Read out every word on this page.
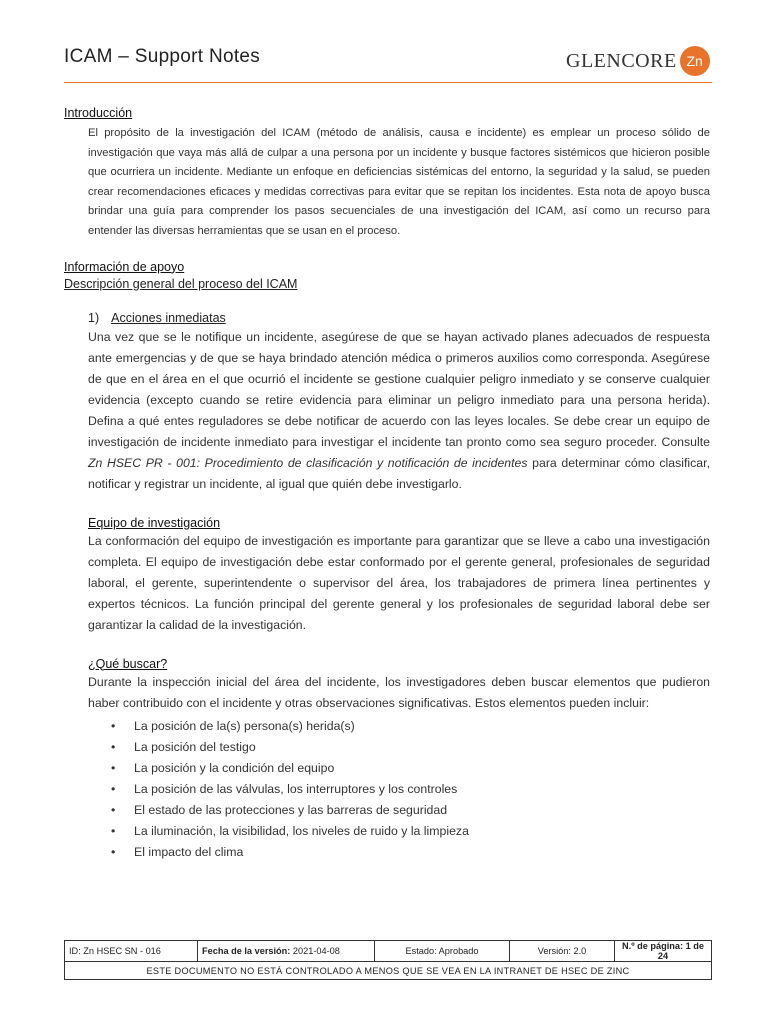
ICAM – Support Notes	GLENCORE Zn
Introducción
El propósito de la investigación del ICAM (método de análisis, causa e incidente) es emplear un proceso sólido de investigación que vaya más allá de culpar a una persona por un incidente y busque factores sistémicos que hicieron posible que ocurriera un incidente. Mediante un enfoque en deficiencias sistémicas del entorno, la seguridad y la salud, se pueden crear recomendaciones eficaces y medidas correctivas para evitar que se repitan los incidentes. Esta nota de apoyo busca brindar una guía para comprender los pasos secuenciales de una investigación del ICAM, así como un recurso para entender las diversas herramientas que se usan en el proceso.
Información de apoyo
Descripción general del proceso del ICAM
1) Acciones inmediatas
Una vez que se le notifique un incidente, asegúrese de que se hayan activado planes adecuados de respuesta ante emergencias y de que se haya brindado atención médica o primeros auxilios como corresponda. Asegúrese de que en el área en el que ocurrió el incidente se gestione cualquier peligro inmediato y se conserve cualquier evidencia (excepto cuando se retire evidencia para eliminar un peligro inmediato para una persona herida). Defina a qué entes reguladores se debe notificar de acuerdo con las leyes locales. Se debe crear un equipo de investigación de incidente inmediato para investigar el incidente tan pronto como sea seguro proceder. Consulte Zn HSEC PR - 001: Procedimiento de clasificación y notificación de incidentes para determinar cómo clasificar, notificar y registrar un incidente, al igual que quién debe investigarlo.
Equipo de investigación
La conformación del equipo de investigación es importante para garantizar que se lleve a cabo una investigación completa. El equipo de investigación debe estar conformado por el gerente general, profesionales de seguridad laboral, el gerente, superintendente o supervisor del área, los trabajadores de primera línea pertinentes y expertos técnicos. La función principal del gerente general y los profesionales de seguridad laboral debe ser garantizar la calidad de la investigación.
¿Qué buscar?
Durante la inspección inicial del área del incidente, los investigadores deben buscar elementos que pudieron haber contribuido con el incidente y otras observaciones significativas. Estos elementos pueden incluir:
• La posición de la(s) persona(s) herida(s)
• La posición del testigo
• La posición y la condición del equipo
• La posición de las válvulas, los interruptores y los controles
• El estado de las protecciones y las barreras de seguridad
• La iluminación, la visibilidad, los niveles de ruido y la limpieza
• El impacto del clima
ID: Zn HSEC SN - 016	Fecha de la versión: 2021-04-08	Estado: Aprobado	Versión: 2.0	N.º de página: 1 de 24
ESTE DOCUMENTO NO ESTÁ CONTROLADO A MENOS QUE SE VEA EN LA INTRANET DE HSEC DE ZINC
